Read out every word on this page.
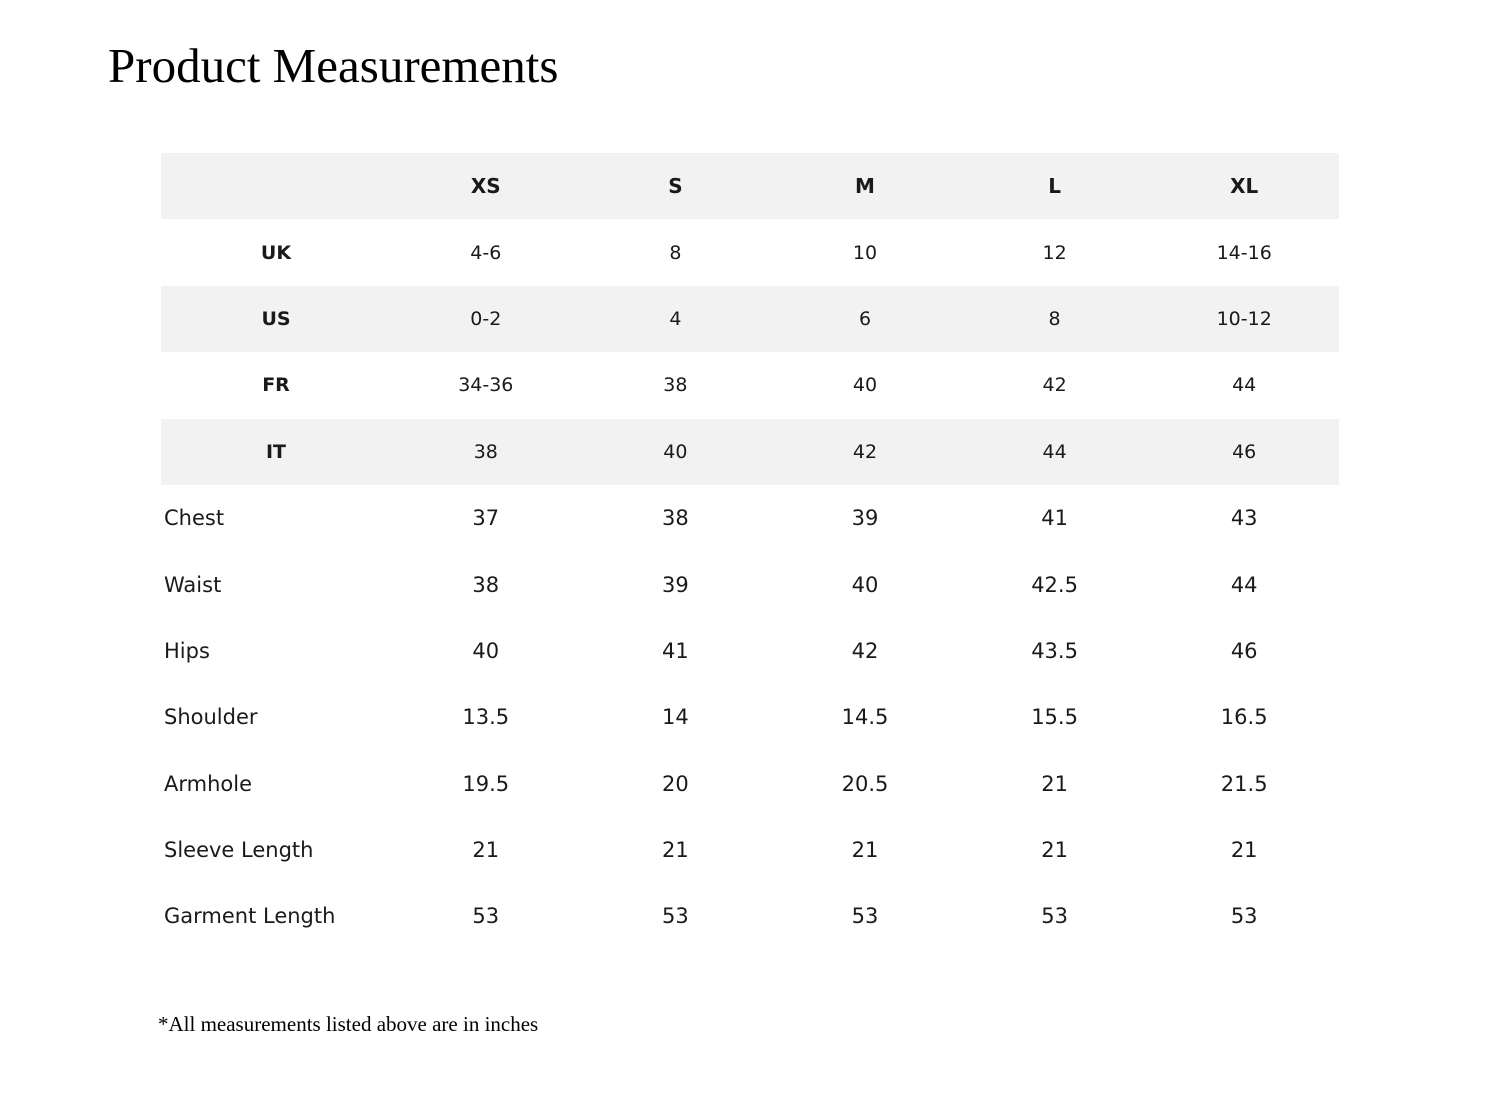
Product Measurements
	XS	S	M	L	XL
UK	4-6	8	10	12	14-16
US	0-2	4	6	8	10-12
FR	34-36	38	40	42	44
IT	38	40	42	44	46
Chest	37	38	39	41	43
Waist	38	39	40	42.5	44
Hips	40	41	42	43.5	46
Shoulder	13.5	14	14.5	15.5	16.5
Armhole	19.5	20	20.5	21	21.5
Sleeve Length	21	21	21	21	21
Garment Length	53	53	53	53	53

*All measurements listed above are in inches
